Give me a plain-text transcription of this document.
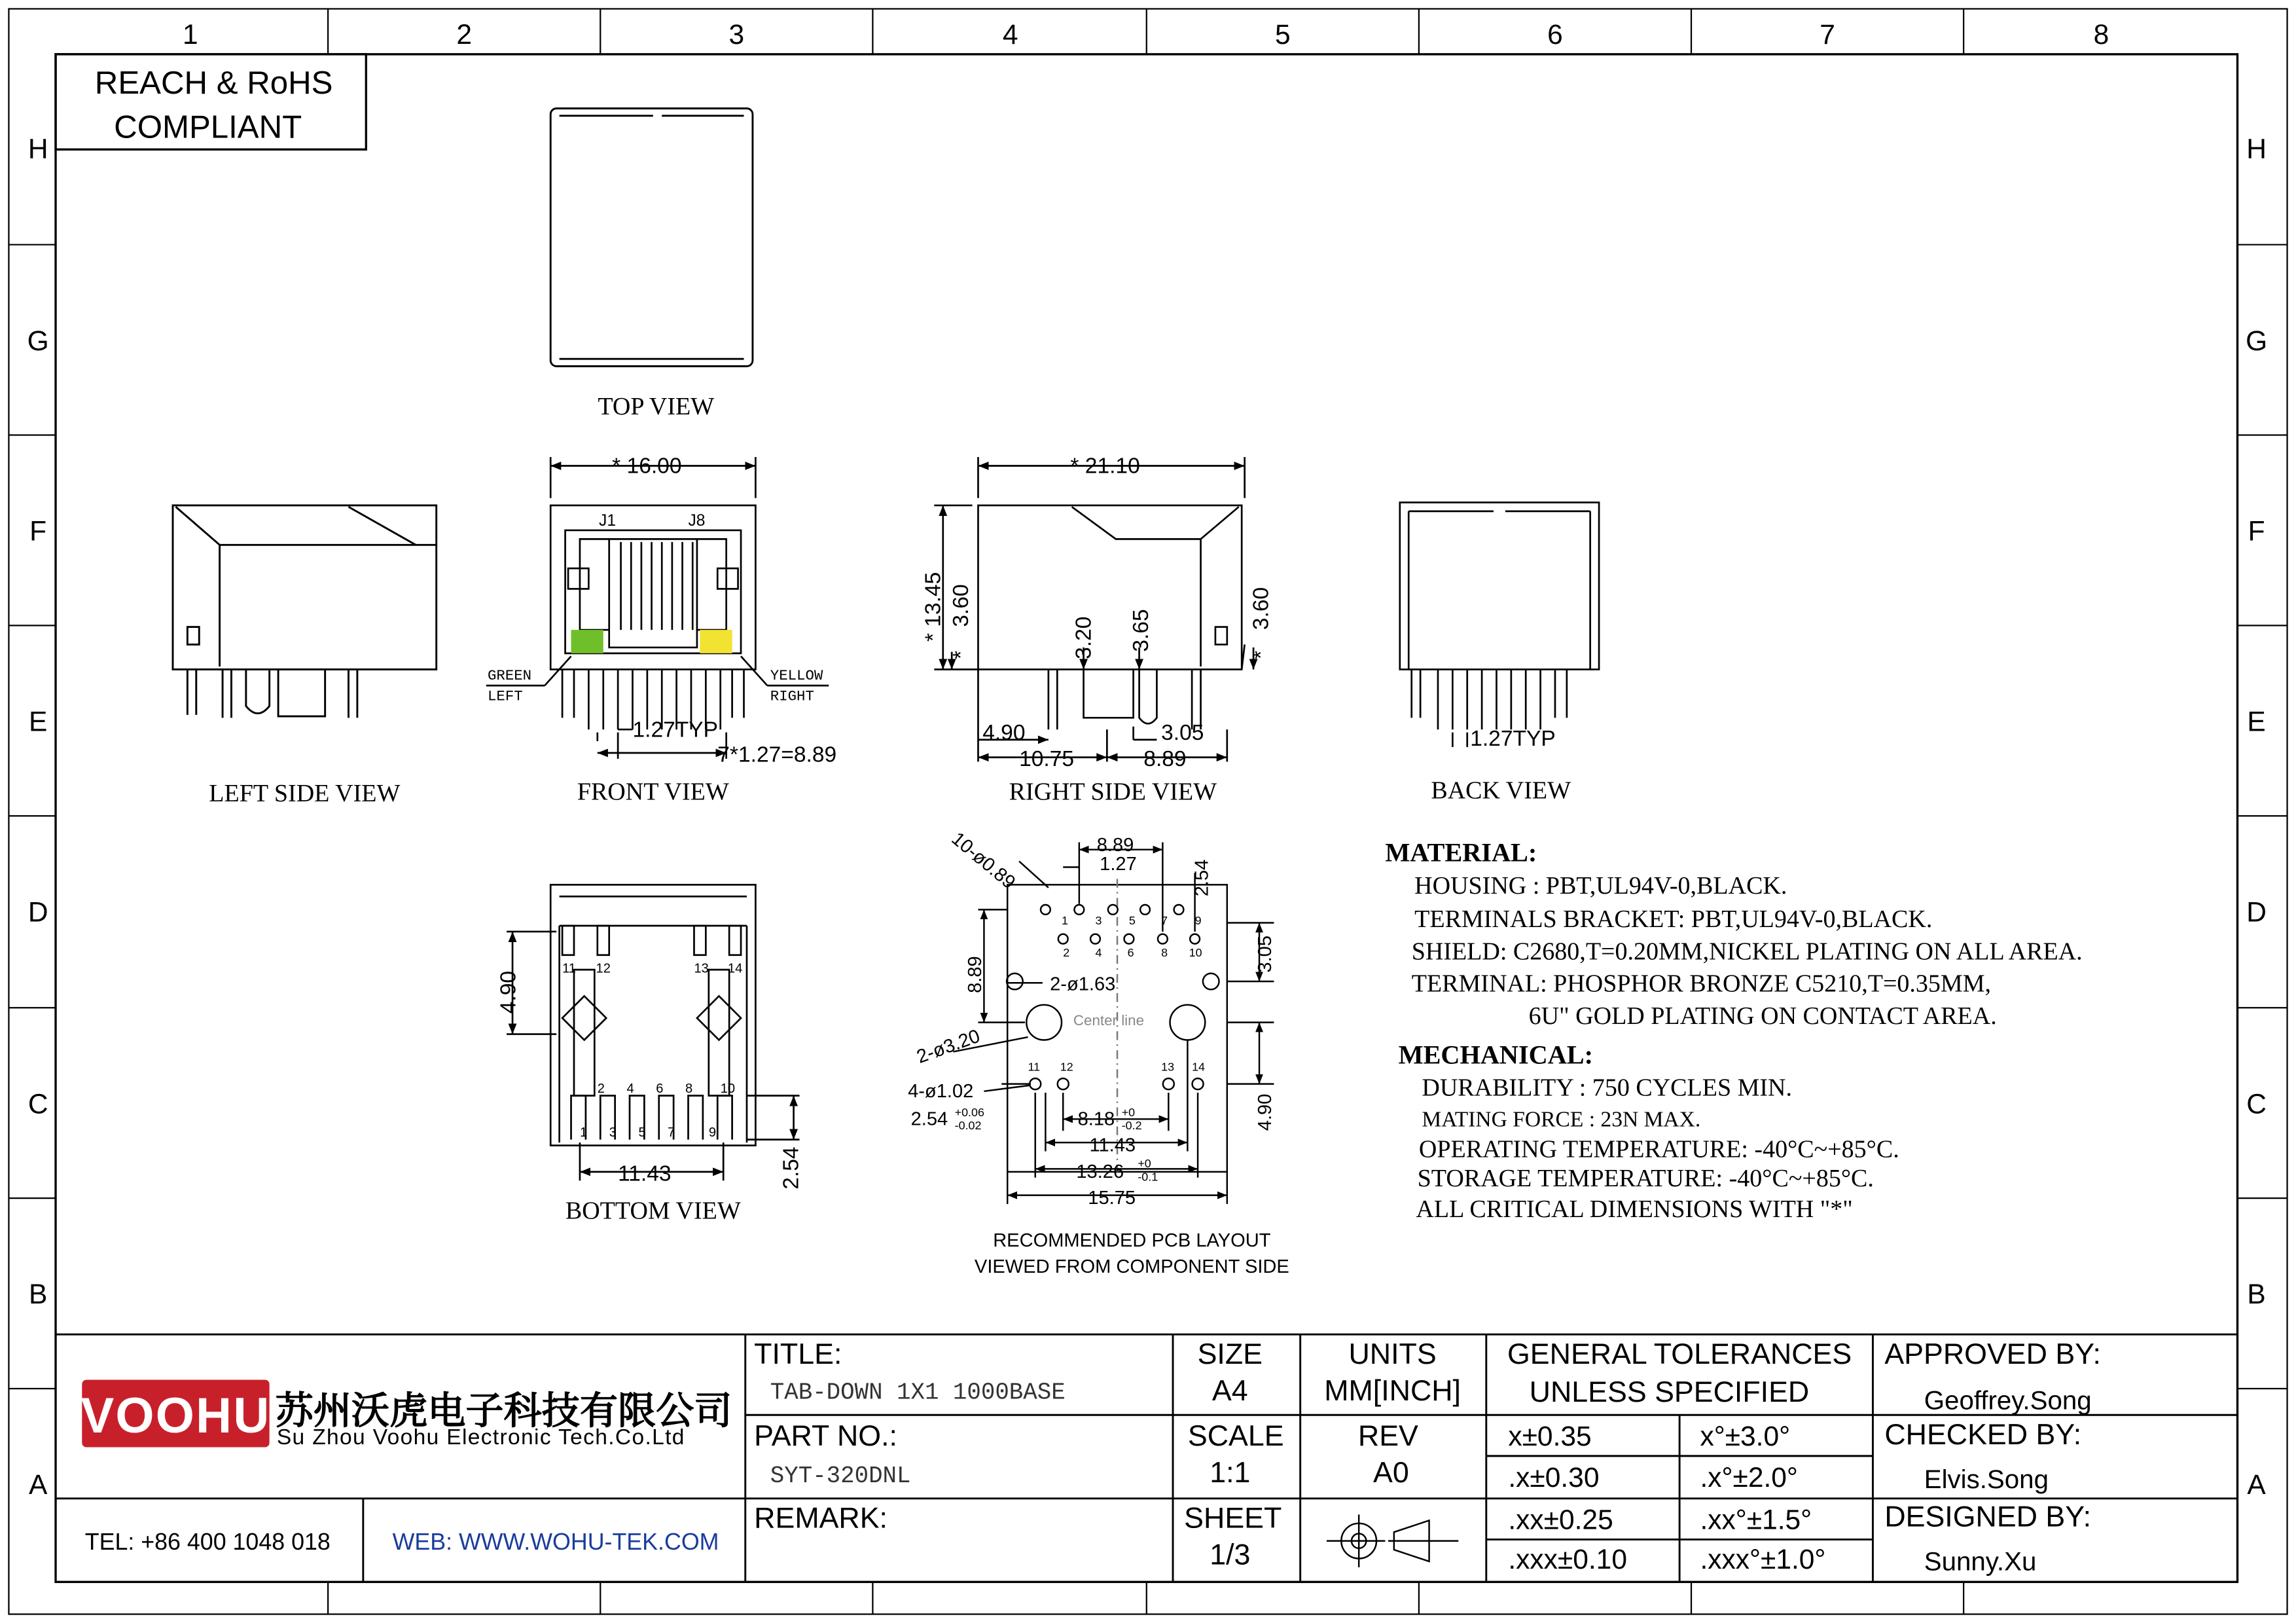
1	2	3	4	5	6	7	8
H
G
F
E
D
C
B
A
H
G
F
E
D
C
B
A
REACH & RoHS
COMPLIANT
TOP VIEW
LEFT SIDE VIEW
* 16.00
J1	J8
GREEN
LEFT
YELLOW
RIGHT
1.27TYP
7*1.27=8.89
FRONT VIEW
* 21.10
13.45
*
3.60
*	3.20	3.65
3.60
*
4.90	3.05
10.75	8.89
RIGHT SIDE VIEW
1.27TYP
BACK VIEW
4.90
11.43	2.54
11	12	13	14
2	4	6	8	10
1	3	5	7	9
BOTTOM VIEW
10-ø0.89	8.89
1.27	2.54
3.05
8.89	2-ø1.63
Center line
2-ø3.20
4-ø1.02
2.54 +0.06
-0.02	8.18 +0
-0.2
11.43
13.26	+0
-0.1
15.75
4.90
1	3	5	7	9
2	4	6	8	10
11	12	13	14
RECOMMENDED PCB LAYOUT
VIEWED FROM COMPONENT SIDE
MATERIAL:
HOUSING : PBT,UL94V-0,BLACK.
TERMINALS BRACKET: PBT,UL94V-0,BLACK.
SHIELD: C2680,T=0.20MM,NICKEL PLATING ON ALL AREA.
TERMINAL: PHOSPHOR BRONZE C5210,T=0.35MM,
6U" GOLD PLATING ON CONTACT AREA.
MECHANICAL:
DURABILITY : 750 CYCLES MIN.
MATING FORCE : 23N MAX.
OPERATING TEMPERATURE: -40°C~+85°C.
STORAGE TEMPERATURE: -40°C~+85°C.
ALL CRITICAL DIMENSIONS WITH "*"
VOOHU 苏州沃虎电子科技有限公司
Su Zhou Voohu Electronic Tech.Co.Ltd
TEL: +86 400 1048 018	WEB: WWW.WOHU-TEK.COM
TITLE:
TAB-DOWN 1X1 1000BASE
PART NO.:
SYT-320DNL
REMARK:
SIZE
A4
UNITS
MM[INCH]
SCALE
1:1
REV
A0
SHEET
1/3
GENERAL TOLERANCES
UNLESS SPECIFIED
x±0.35	x°±3.0°
.x±0.30	.x°±2.0°
.xx±0.25	.xx°±1.5°
.xxx±0.10	.xxx°±1.0°
APPROVED BY:
Geoffrey.Song
CHECKED BY:
Elvis.Song
DESIGNED BY:
Sunny.Xu
